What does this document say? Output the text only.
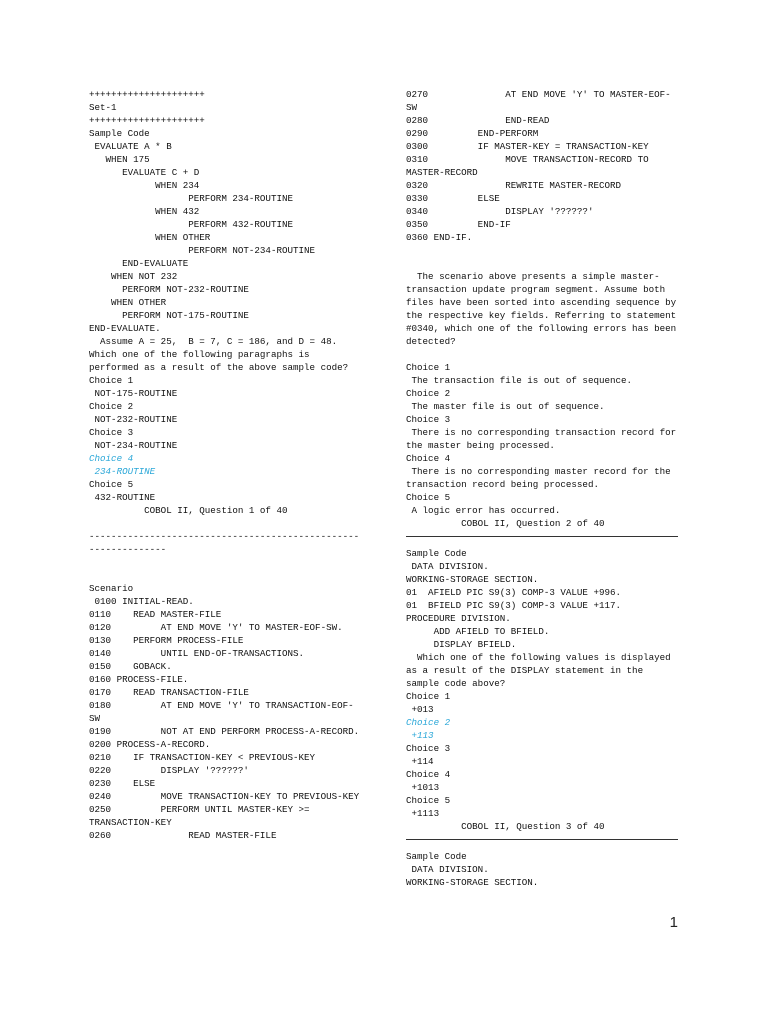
+++++++++++++++++++++
Set-1
+++++++++++++++++++++
Sample Code
EVALUATE A * B
WHEN 175
EVALUATE C + D
WHEN 234
PERFORM 234-ROUTINE
WHEN 432
PERFORM 432-ROUTINE
WHEN OTHER
PERFORM NOT-234-ROUTINE
END-EVALUATE
WHEN NOT 232
PERFORM NOT-232-ROUTINE
WHEN OTHER
PERFORM NOT-175-ROUTINE
END-EVALUATE.
Assume A = 25,  B = 7, C = 186, and D = 48. Which one of the following paragraphs is performed as a result of the above sample code?
Choice 1
NOT-175-ROUTINE
Choice 2
NOT-232-ROUTINE
Choice 3
NOT-234-ROUTINE
Choice 4
234-ROUTINE
Choice 5
432-ROUTINE
COBOL II, Question 1 of 40
---------------------------------------------------------------
Scenario
0100 INITIAL-READ.
0110    READ MASTER-FILE
0120         AT END MOVE 'Y' TO MASTER-EOF-SW.
0130    PERFORM PROCESS-FILE
0140         UNTIL END-OF-TRANSACTIONS.
0150    GOBACK.
0160 PROCESS-FILE.
0170    READ TRANSACTION-FILE
0180         AT END MOVE 'Y' TO TRANSACTION-EOF-SW
0190         NOT AT END PERFORM PROCESS-A-RECORD.
0200 PROCESS-A-RECORD.
0210    IF TRANSACTION-KEY < PREVIOUS-KEY
0220         DISPLAY '??????'
0230    ELSE
0240         MOVE TRANSACTION-KEY TO PREVIOUS-KEY
0250         PERFORM UNTIL MASTER-KEY >= TRANSACTION-KEY
0260              READ MASTER-FILE
0270              AT END MOVE 'Y' TO MASTER-EOF-SW
0280              END-READ
0290         END-PERFORM
0300         IF MASTER-KEY = TRANSACTION-KEY
0310              MOVE TRANSACTION-RECORD TO MASTER-RECORD
0320              REWRITE MASTER-RECORD
0330         ELSE
0340              DISPLAY '??????'
0350         END-IF
0360 END-IF.
The scenario above presents a simple master-transaction update program segment. Assume both files have been sorted into ascending sequence by the respective key fields. Referring to statement #0340, which one of the following errors has been detected?
Choice 1
The transaction file is out of sequence.
Choice 2
The master file is out of sequence.
Choice 3
There is no corresponding transaction record for the master being processed.
Choice 4
There is no corresponding master record for the transaction record being processed.
Choice 5
A logic error has occurred.
COBOL II, Question 2 of 40
Sample Code
DATA DIVISION.
WORKING-STORAGE SECTION.
01  AFIELD PIC S9(3) COMP-3 VALUE +996.
01  BFIELD PIC S9(3) COMP-3 VALUE +117.
PROCEDURE DIVISION.
ADD AFIELD TO BFIELD.
DISPLAY BFIELD.
Which one of the following values is displayed as a result of the DISPLAY statement in the sample code above?
Choice 1
+013
Choice 2
+113
Choice 3
+114
Choice 4
+1013
Choice 5
+1113
COBOL II, Question 3 of 40
Sample Code
DATA DIVISION.
WORKING-STORAGE SECTION.
1
